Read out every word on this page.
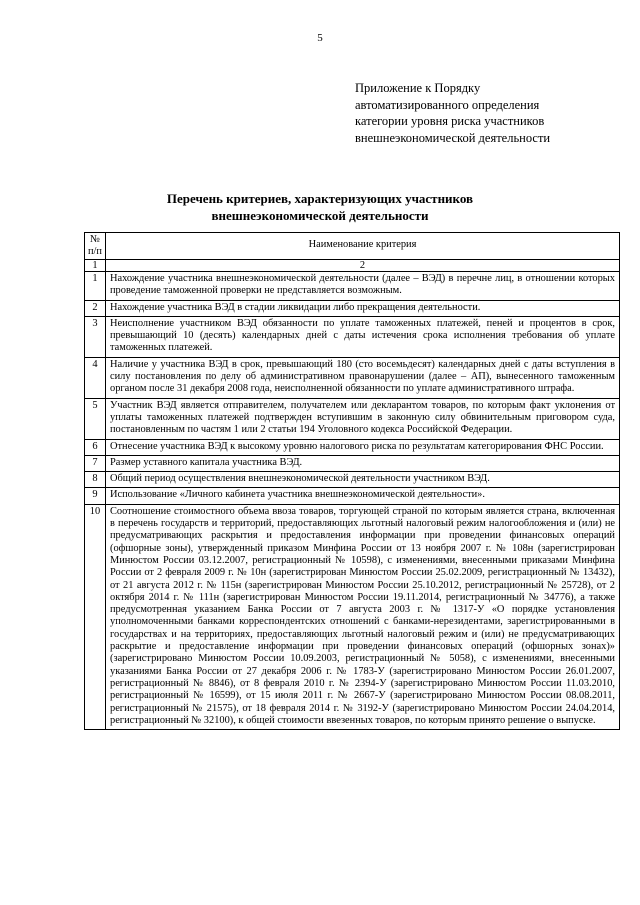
5
Приложение к Порядку
автоматизированного определения
категории уровня риска участников
внешнеэкономической деятельности
Перечень критериев, характеризующих участников
внешнеэкономической деятельности
№ п/п	Наименование критерия
1	2
1	Нахождение участника внешнеэкономической деятельности (далее – ВЭД) в перечне лиц, в отношении которых проведение таможенной проверки не представляется возможным.
2	Нахождение участника ВЭД в стадии ликвидации либо прекращения деятельности.
3	Неисполнение участником ВЭД обязанности по уплате таможенных платежей, пеней и процентов в срок, превышающий 10 (десять) календарных дней с даты истечения срока исполнения требования об уплате таможенных платежей.
4	Наличие у участника ВЭД в срок, превышающий 180 (сто восемьдесят) календарных дней с даты вступления в силу постановления по делу об административном правонарушении (далее – АП), вынесенного таможенным органом после 31 декабря 2008 года, неисполненной обязанности по уплате административного штрафа.
5	Участник ВЭД является отправителем, получателем или декларантом товаров, по которым факт уклонения от уплаты таможенных платежей подтвержден вступившим в законную силу обвинительным приговором суда, постановленным по частям 1 или 2 статьи 194 Уголовного кодекса Российской Федерации.
6	Отнесение участника ВЭД к высокому уровню налогового риска по результатам категорирования ФНС России.
7	Размер уставного капитала участника ВЭД.
8	Общий период осуществления внешнеэкономической деятельности участником ВЭД.
9	Использование «Личного кабинета участника внешнеэкономической деятельности».
10	Соотношение стоимостного объема ввоза товаров, торгующей страной по которым является страна, включенная в перечень государств и территорий, предоставляющих льготный налоговый режим налогообложения и (или) не предусматривающих раскрытия и предоставления информации при проведении финансовых операций (офшорные зоны), утвержденный приказом Минфина России от 13 ноября 2007 г. № 108н (зарегистрирован Минюстом России 03.12.2007, регистрационный № 10598), с изменениями, внесенными приказами Минфина России от 2 февраля 2009 г. № 10н (зарегистрирован Минюстом России 25.02.2009, регистрационный № 13432), от 21 августа 2012 г. № 115н (зарегистрирован Минюстом России 25.10.2012, регистрационный № 25728), от 2 октября 2014 г. № 111н (зарегистрирован Минюстом России 19.11.2014, регистрационный № 34776), а также предусмотренная указанием Банка России от 7 августа 2003 г. № 1317-У «О порядке установления уполномоченными банками корреспондентских отношений с банками-нерезидентами, зарегистрированными в государствах и на территориях, предоставляющих льготный налоговый режим и (или) не предусматривающих раскрытие и предоставление информации при проведении финансовых операций (офшорных зонах)» (зарегистрировано Минюстом России 10.09.2003, регистрационный № 5058), с изменениями, внесенными указаниями Банка России от 27 декабря 2006 г. № 1783-У (зарегистрировано Минюстом России 26.01.2007, регистрационный № 8846), от 8 февраля 2010 г. № 2394-У (зарегистрировано Минюстом России 11.03.2010, регистрационный № 16599), от 15 июля 2011 г. № 2667-У (зарегистрировано Минюстом России 08.08.2011, регистрационный № 21575), от 18 февраля 2014 г. № 3192-У (зарегистрировано Минюстом России 24.04.2014, регистрационный № 32100), к общей стоимости ввезенных товаров, по которым принято решение о выпуске.
